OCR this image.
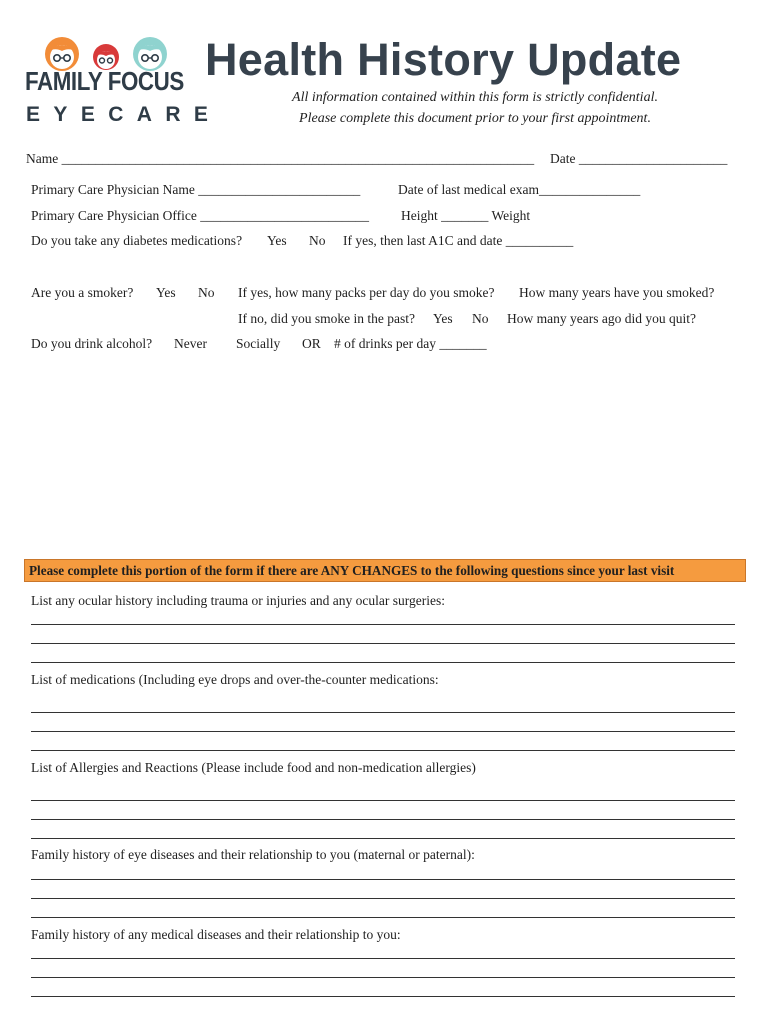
FAMILY FOCUS
EYECARE
Health History Update
All information contained within this form is strictly confidential.
Please complete this document prior to your first appointment.
Name ______________________________________________________________________ Date ______________________
Primary Care Physician Name ________________________	Date of last medical exam_______________
Primary Care Physician Office _________________________ Height _______ Weight
Do you take any diabetes medications? Yes No If yes, then last A1C and date __________
Are you a smoker? Yes No If yes, how many packs per day do you smoke? How many years have you smoked?
If no, did you smoke in the past? Yes No How many years ago did you quit?
Do you drink alcohol? Never Socially OR # of drinks per day _______
Please complete this portion of the form if there are ANY CHANGES to the following questions since your last visit
List any ocular history including trauma or injuries and any ocular surgeries:
List of medications (Including eye drops and over-the-counter medications:
List of Allergies and Reactions (Please include food and non-medication allergies)
Family history of eye diseases and their relationship to you (maternal or paternal):
Family history of any medical diseases and their relationship to you:
